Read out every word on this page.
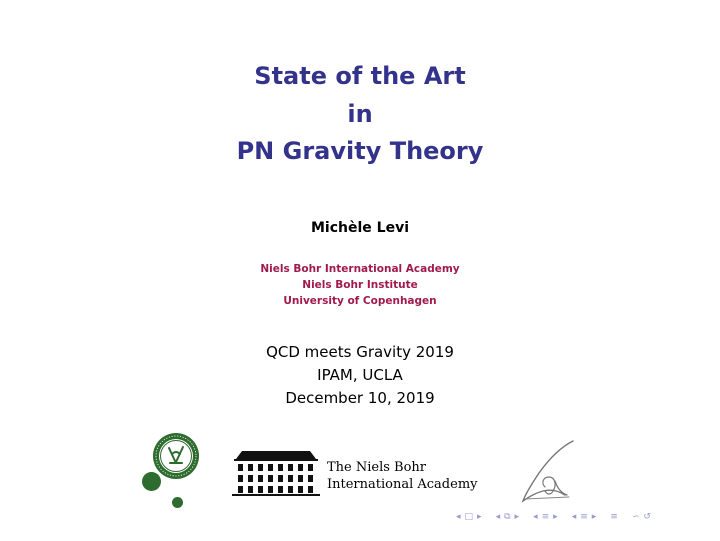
State of the Art
in
PN Gravity Theory
Michèle Levi
Niels Bohr International Academy
Niels Bohr Institute
University of Copenhagen
QCD meets Gravity 2019
IPAM, UCLA
December 10, 2019
The Niels Bohr
International Academy
◂ □ ▸ ◂ ⧉ ▸ ◂ ≡ ▸ ◂ ≡ ▸ ≡ ∽ ↺
